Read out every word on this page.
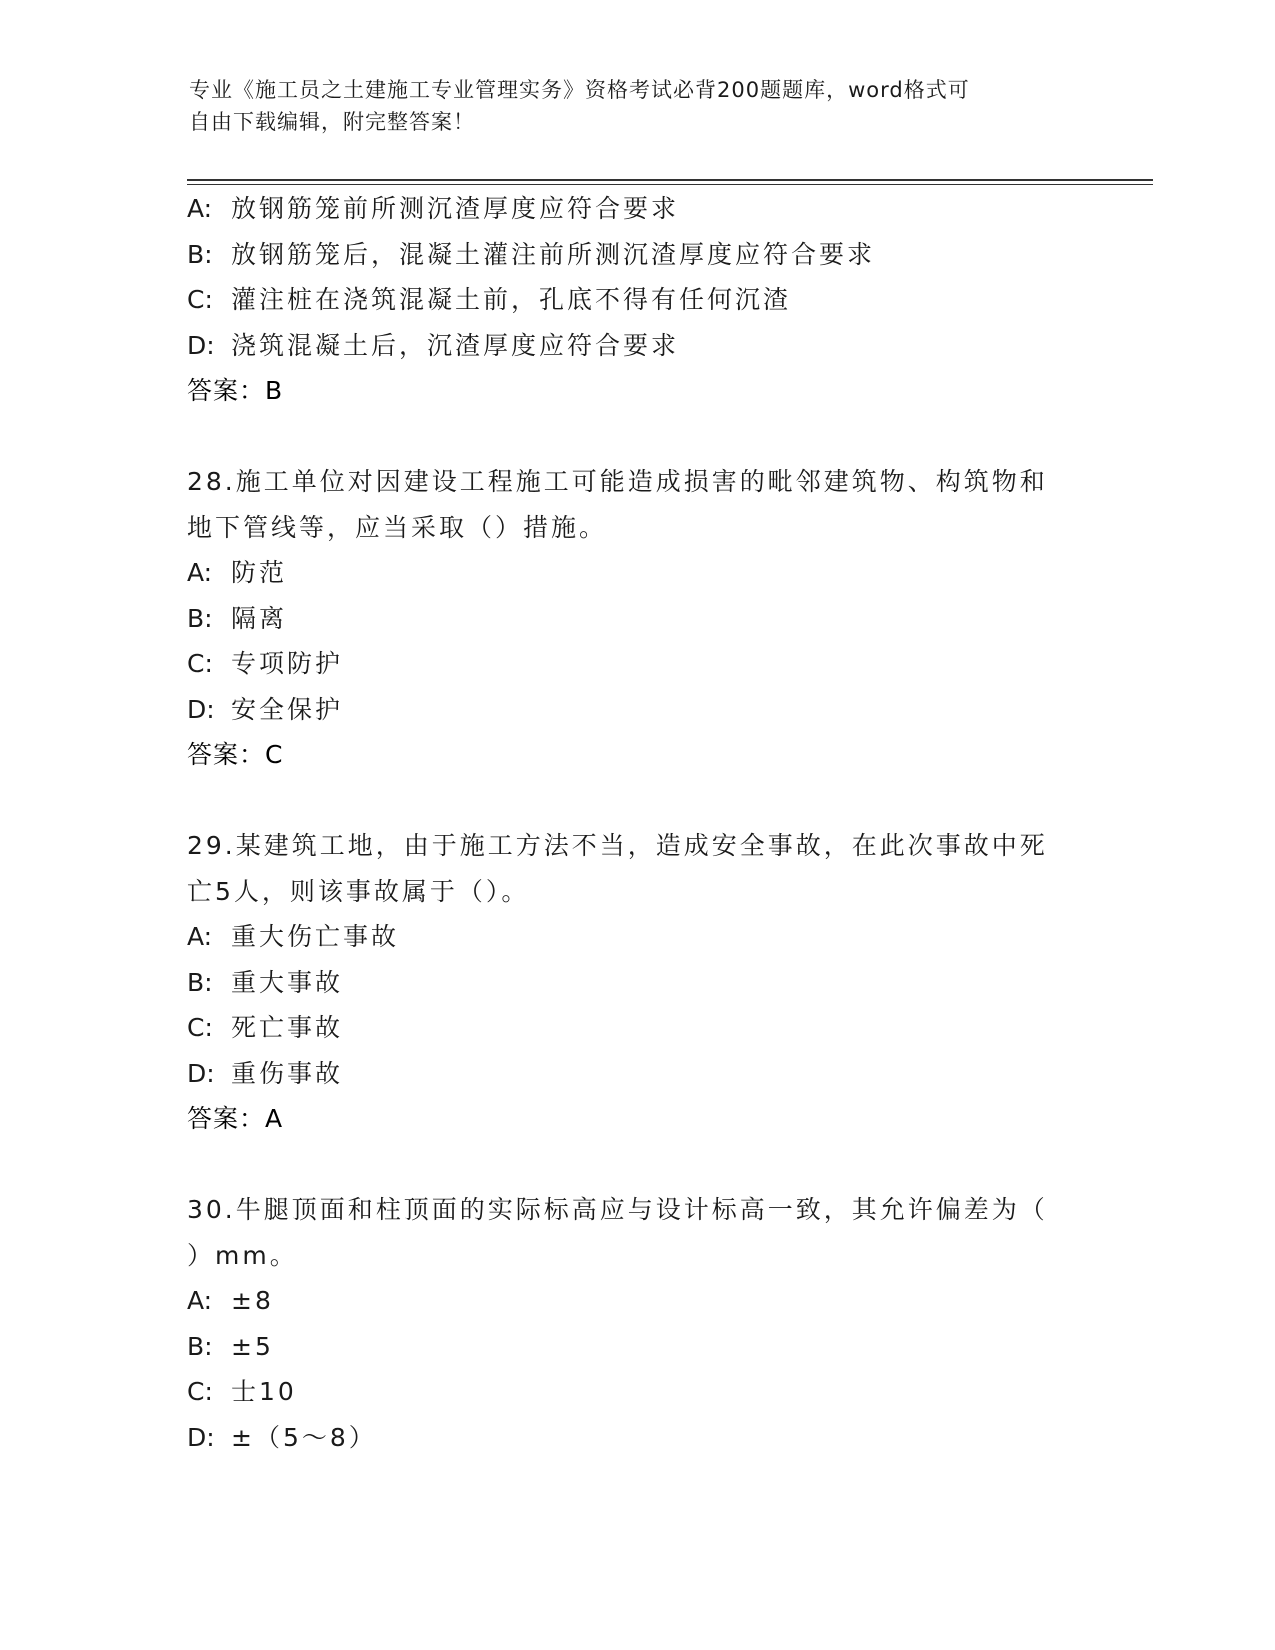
专业《施工员之土建施工专业管理实务》资格考试必背200题题库，word格式可
自由下载编辑，附完整答案！
A: 放钢筋笼前所测沉渣厚度应符合要求
B: 放钢筋笼后，混凝土灌注前所测沉渣厚度应符合要求
C: 灌注桩在浇筑混凝土前，孔底不得有任何沉渣
D: 浇筑混凝土后，沉渣厚度应符合要求
答案：B
28.施工单位对因建设工程施工可能造成损害的毗邻建筑物、构筑物和
地下管线等，应当采取（）措施。
A: 防范
B: 隔离
C: 专项防护
D: 安全保护
答案：C
29.某建筑工地，由于施工方法不当，造成安全事故，在此次事故中死
亡5人，则该事故属于（）。
A: 重大伤亡事故
B: 重大事故
C: 死亡事故
D: 重伤事故
答案：A
30.牛腿顶面和柱顶面的实际标高应与设计标高一致，其允许偏差为（
）mm。
A: ±8
B: ±5
C: 士10
D: ±（5～8）
